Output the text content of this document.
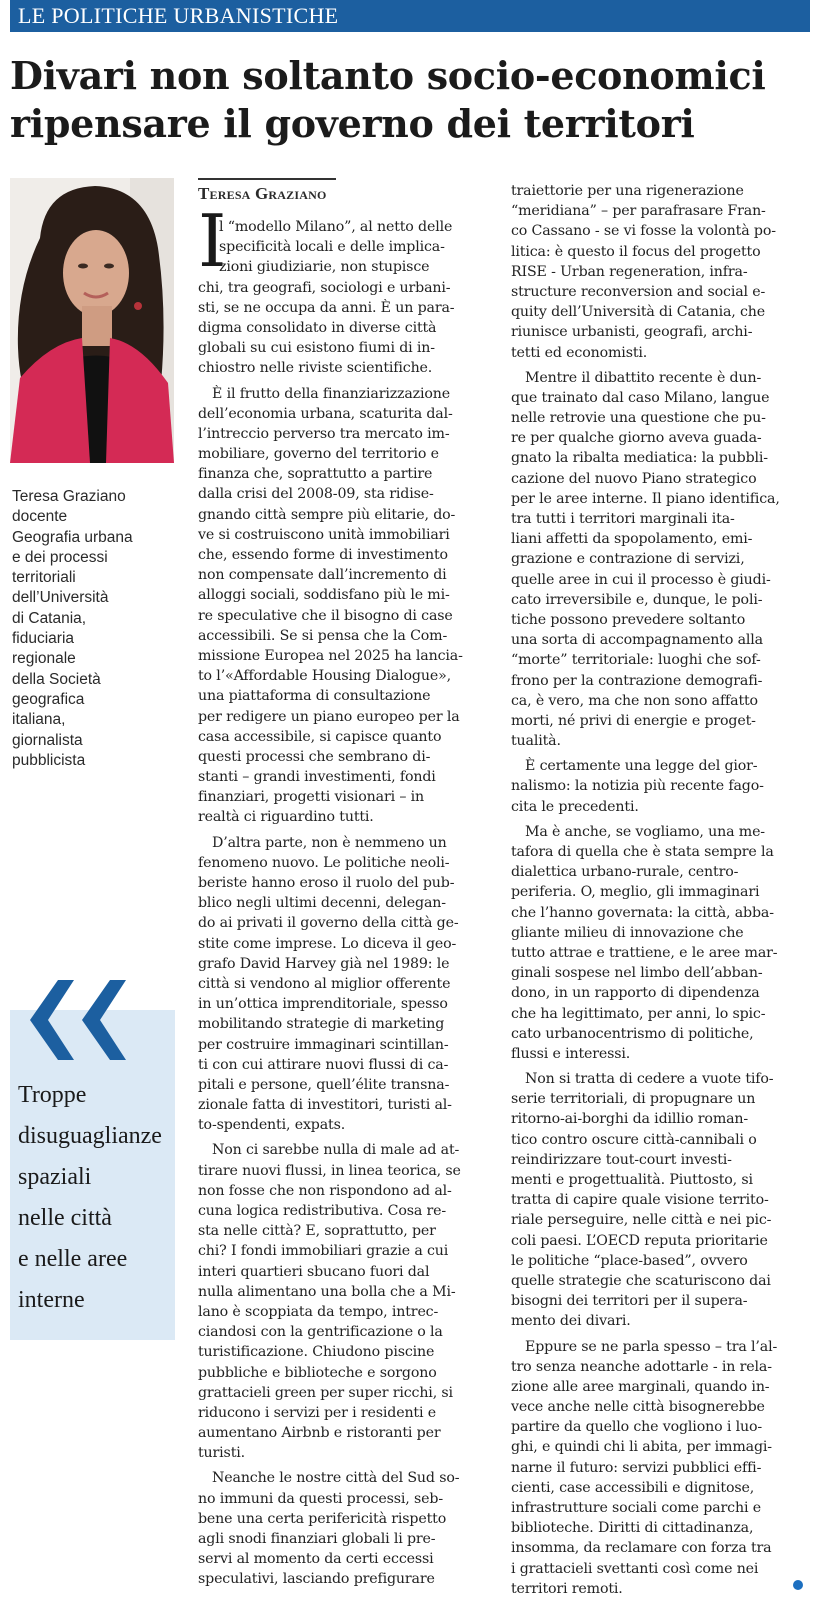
LE POLITICHE URBANISTICHE
Divari non soltanto socio-economici
ripensare il governo dei territori
Teresa Graziano
docente
Geografia urbana
e dei processi
territoriali
dell’Università
di Catania,
fiduciaria
regionale
della Società
geografica
italiana,
giornalista
pubblicista
Troppe
disuguaglianze
spaziali
nelle città
e nelle aree
interne
Teresa Graziano
I
l “modello Milano”, al netto delle
specificità locali e delle implica-
zioni giudiziarie, non stupisce
chi, tra geografi, sociologi e urbani-
sti, se ne occupa da anni. È un para-
digma consolidato in diverse città
globali su cui esistono fiumi di in-
chiostro nelle riviste scientifiche.
È il frutto della finanziarizzazione
dell’economia urbana, scaturita dal-
l’intreccio perverso tra mercato im-
mobiliare, governo del territorio e
finanza che, soprattutto a partire
dalla crisi del 2008-09, sta ridise-
gnando città sempre più elitarie, do-
ve si costruiscono unità immobiliari
che, essendo forme di investimento
non compensate dall’incremento di
alloggi sociali, soddisfano più le mi-
re speculative che il bisogno di case
accessibili. Se si pensa che la Com-
missione Europea nel 2025 ha lancia-
to l’«Affordable Housing Dialogue»,
una piattaforma di consultazione
per redigere un piano europeo per la
casa accessibile, si capisce quanto
questi processi che sembrano di-
stanti – grandi investimenti, fondi
finanziari, progetti visionari – in
realtà ci riguardino tutti.
D’altra parte, non è nemmeno un
fenomeno nuovo. Le politiche neoli-
beriste hanno eroso il ruolo del pub-
blico negli ultimi decenni, delegan-
do ai privati il governo della città ge-
stite come imprese. Lo diceva il geo-
grafo David Harvey già nel 1989: le
città si vendono al miglior offerente
in un’ottica imprenditoriale, spesso
mobilitando strategie di marketing
per costruire immaginari scintillan-
ti con cui attirare nuovi flussi di ca-
pitali e persone, quell’élite transna-
zionale fatta di investitori, turisti al-
to-spendenti, expats.
Non ci sarebbe nulla di male ad at-
tirare nuovi flussi, in linea teorica, se
non fosse che non rispondono ad al-
cuna logica redistributiva. Cosa re-
sta nelle città? E, soprattutto, per
chi? I fondi immobiliari grazie a cui
interi quartieri sbucano fuori dal
nulla alimentano una bolla che a Mi-
lano è scoppiata da tempo, intrec-
ciandosi con la gentrificazione o la
turistificazione. Chiudono piscine
pubbliche e biblioteche e sorgono
grattacieli green per super ricchi, si
riducono i servizi per i residenti e
aumentano Airbnb e ristoranti per
turisti.
Neanche le nostre città del Sud so-
no immuni da questi processi, seb-
bene una certa perifericità rispetto
agli snodi finanziari globali li pre-
servi al momento da certi eccessi
speculativi, lasciando prefigurare
traiettorie per una rigenerazione
“meridiana” – per parafrasare Fran-
co Cassano - se vi fosse la volontà po-
litica: è questo il focus del progetto
RISE - Urban regeneration, infra-
structure reconversion and social e-
quity dell’Università di Catania, che
riunisce urbanisti, geografi, archi-
tetti ed economisti.
Mentre il dibattito recente è dun-
que trainato dal caso Milano, langue
nelle retrovie una questione che pu-
re per qualche giorno aveva guada-
gnato la ribalta mediatica: la pubbli-
cazione del nuovo Piano strategico
per le aree interne. Il piano identifica,
tra tutti i territori marginali ita-
liani affetti da spopolamento, emi-
grazione e contrazione di servizi,
quelle aree in cui il processo è giudi-
cato irreversibile e, dunque, le poli-
tiche possono prevedere soltanto
una sorta di accompagnamento alla
“morte” territoriale: luoghi che sof-
frono per la contrazione demografi-
ca, è vero, ma che non sono affatto
morti, né privi di energie e proget-
tualità.
È certamente una legge del gior-
nalismo: la notizia più recente fago-
cita le precedenti.
Ma è anche, se vogliamo, una me-
tafora di quella che è stata sempre la
dialettica urbano-rurale, centro-
periferia. O, meglio, gli immaginari
che l’hanno governata: la città, abba-
gliante milieu di innovazione che
tutto attrae e trattiene, e le aree mar-
ginali sospese nel limbo dell’abban-
dono, in un rapporto di dipendenza
che ha legittimato, per anni, lo spic-
cato urbanocentrismo di politiche,
flussi e interessi.
Non si tratta di cedere a vuote tifo-
serie territoriali, di propugnare un
ritorno-ai-borghi da idillio roman-
tico contro oscure città-cannibali o
reindirizzare tout-court investi-
menti e progettualità. Piuttosto, si
tratta di capire quale visione territo-
riale perseguire, nelle città e nei pic-
coli paesi. L’OECD reputa prioritarie
le politiche “place-based”, ovvero
quelle strategie che scaturiscono dai
bisogni dei territori per il supera-
mento dei divari.
Eppure se ne parla spesso – tra l’al-
tro senza neanche adottarle - in rela-
zione alle aree marginali, quando in-
vece anche nelle città bisognerebbe
partire da quello che vogliono i luo-
ghi, e quindi chi li abita, per immagi-
narne il futuro: servizi pubblici effi-
cienti, case accessibili e dignitose,
infrastrutture sociali come parchi e
biblioteche. Diritti di cittadinanza,
insomma, da reclamare con forza tra
i grattacieli svettanti così come nei
territori remoti.
